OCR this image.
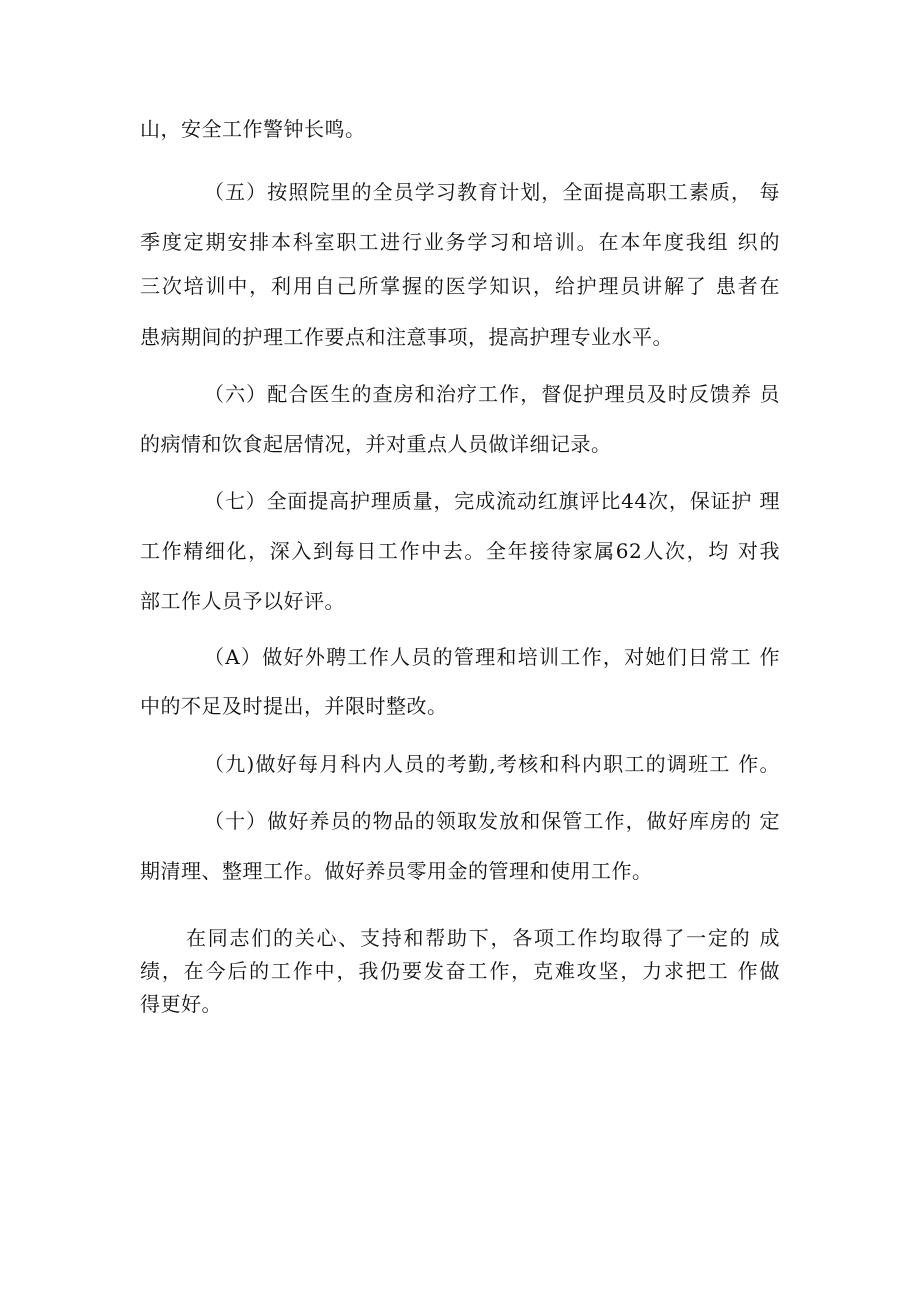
山，安全工作警钟长鸣。
（五）按照院里的全员学习教育计划，全面提高职工素质， 每
季度定期安排本科室职工进行业务学习和培训。在本年度我组 织的
三次培训中，利用自己所掌握的医学知识，给护理员讲解了 患者在
患病期间的护理工作要点和注意事项，提高护理专业水平。
（六）配合医生的查房和治疗工作，督促护理员及时反馈养 员
的病情和饮食起居情况，并对重点人员做详细记录。
（七）全面提高护理质量，完成流动红旗评比44次，保证护 理
工作精细化，深入到每日工作中去。全年接待家属62人次，均 对我
部工作人员予以好评。
（A）做好外聘工作人员的管理和培训工作，对她们日常工 作
中的不足及时提出，并限时整改。
（九)做好每月科内人员的考勤,考核和科内职工的调班工 作。
（十）做好养员的物品的领取发放和保管工作，做好库房的 定
期清理、整理工作。做好养员零用金的管理和使用工作。
在同志们的关心、支持和帮助下，各项工作均取得了一定的 成
绩，在今后的工作中，我仍要发奋工作，克难攻坚，力求把工 作做
得更好。
